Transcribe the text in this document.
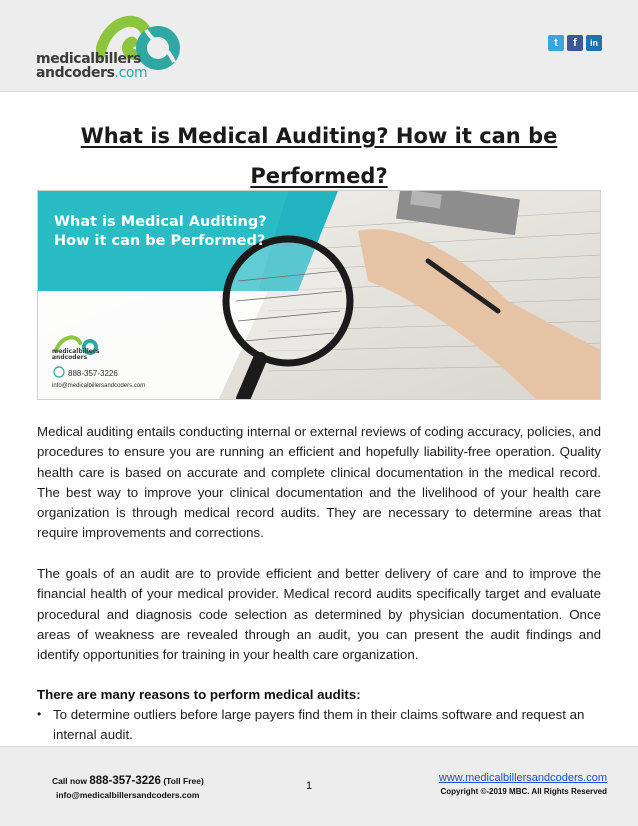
medicalbillers
andcoders.com
t	f	in
What is Medical Auditing? How it can be Performed?
What is Medical Auditing?
How it can be Performed?
medicalbillers
andcoders
888-357-3226
info@medicalbillersandcoders.com

Medical auditing entails conducting internal or external reviews of coding accuracy, policies, and procedures to ensure you are running an efficient and hopefully liability-free operation. Quality health care is based on accurate and complete clinical documentation in the medical record. The best way to improve your clinical documentation and the livelihood of your health care organization is through medical record audits. They are necessary to determine areas that require improvements and corrections.

The goals of an audit are to provide efficient and better delivery of care and to improve the financial health of your medical provider. Medical record audits specifically target and evaluate procedural and diagnosis code selection as determined by physician documentation. Once areas of weakness are revealed through an audit, you can present the audit findings and identify opportunities for training in your health care organization.

There are many reasons to perform medical audits:
• To determine outliers before large payers find them in their claims software and request an internal audit.
Call now 888-357-3226 (Toll Free)
info@medicalbillersandcoders.com
1
www.medicalbillersandcoders.com
Copyright ©-2019 MBC. All Rights Reserved
